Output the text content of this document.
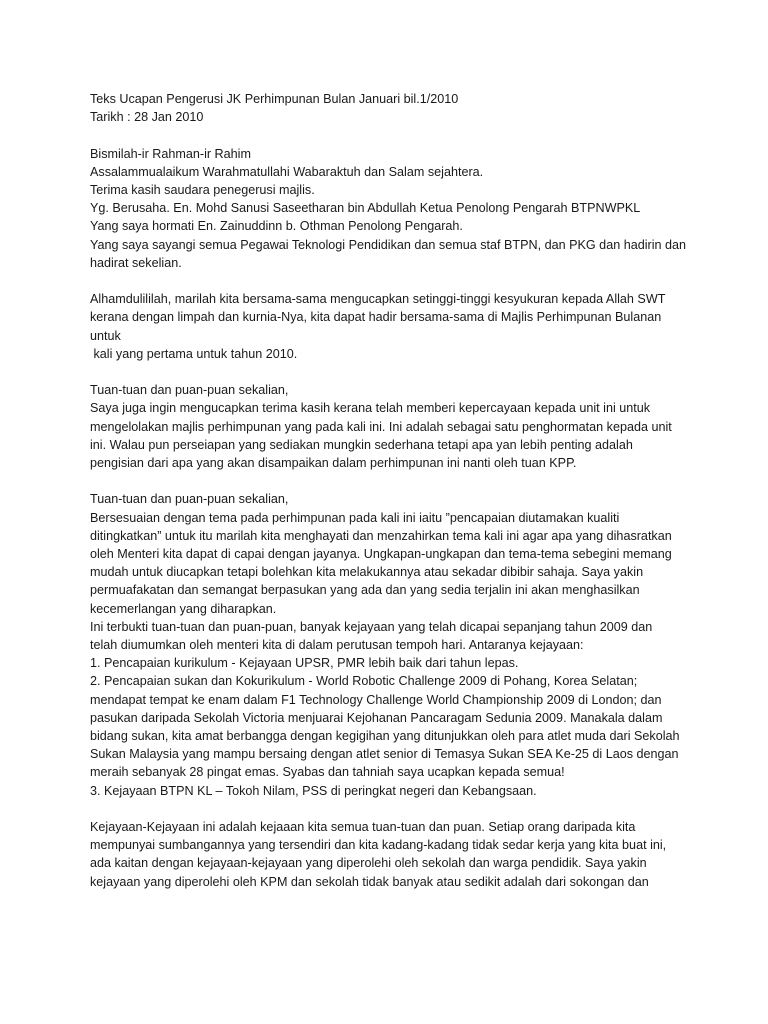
Teks Ucapan Pengerusi JK Perhimpunan Bulan Januari bil.1/2010
Tarikh : 28 Jan 2010
Bismilah-ir Rahman-ir Rahim
Assalammualaikum Warahmatullahi Wabaraktuh dan Salam sejahtera.
Terima kasih saudara penegerusi majlis.
Yg. Berusaha. En. Mohd Sanusi Saseetharan bin Abdullah Ketua Penolong Pengarah BTPNWPKL
Yang saya hormati En. Zainuddinn b. Othman Penolong Pengarah.
Yang saya sayangi semua Pegawai Teknologi Pendidikan dan semua staf BTPN, dan PKG dan hadirin dan
hadirat sekelian.
Alhamdulililah, marilah kita bersama-sama mengucapkan setinggi-tinggi kesyukuran kepada Allah SWT
kerana dengan limpah dan kurnia-Nya, kita dapat hadir bersama-sama di Majlis Perhimpunan Bulanan
untuk
kali yang pertama untuk tahun 2010.
Tuan-tuan dan puan-puan sekalian,
Saya juga ingin mengucapkan terima kasih kerana telah memberi kepercayaan kepada unit ini untuk
mengelolakan majlis perhimpunan yang pada kali ini. Ini adalah sebagai satu penghormatan kepada unit
ini. Walau pun perseiapan yang sediakan mungkin sederhana tetapi apa yan lebih penting adalah
pengisian dari apa yang akan disampaikan dalam perhimpunan ini nanti oleh tuan KPP.
Tuan-tuan dan puan-puan sekalian,
Bersesuaian dengan tema pada perhimpunan pada kali ini iaitu ”pencapaian diutamakan kualiti
ditingkatkan” untuk itu marilah kita menghayati dan menzahirkan tema kali ini agar apa yang dihasratkan
oleh Menteri kita dapat di capai dengan jayanya. Ungkapan-ungkapan dan tema-tema sebegini memang
mudah untuk diucapkan tetapi bolehkan kita melakukannya atau sekadar dibibir sahaja. Saya yakin
permuafakatan dan semangat berpasukan yang ada dan yang sedia terjalin ini akan menghasilkan
kecemerlangan yang diharapkan.
Ini terbukti tuan-tuan dan puan-puan, banyak kejayaan yang telah dicapai sepanjang tahun 2009 dan
telah diumumkan oleh menteri kita di dalam perutusan tempoh hari. Antaranya kejayaan:
1. Pencapaian kurikulum - Kejayaan UPSR, PMR lebih baik dari tahun lepas.
2. Pencapaian sukan dan Kokurikulum - World Robotic Challenge 2009 di Pohang, Korea Selatan;
mendapat tempat ke enam dalam F1 Technology Challenge World Championship 2009 di London; dan
pasukan daripada Sekolah Victoria menjuarai Kejohanan Pancaragam Sedunia 2009. Manakala dalam
bidang sukan, kita amat berbangga dengan kegigihan yang ditunjukkan oleh para atlet muda dari Sekolah
Sukan Malaysia yang mampu bersaing dengan atlet senior di Temasya Sukan SEA Ke-25 di Laos dengan
meraih sebanyak 28 pingat emas. Syabas dan tahniah saya ucapkan kepada semua!
3. Kejayaan BTPN KL – Tokoh Nilam, PSS di peringkat negeri dan Kebangsaan.
Kejayaan-Kejayaan ini adalah kejaaan kita semua tuan-tuan dan puan. Setiap orang daripada kita
mempunyai sumbangannya yang tersendiri dan kita kadang-kadang tidak sedar kerja yang kita buat ini,
ada kaitan dengan kejayaan-kejayaan yang diperolehi oleh sekolah dan warga pendidik. Saya yakin
kejayaan yang diperolehi oleh KPM dan sekolah tidak banyak atau sedikit adalah dari sokongan dan
